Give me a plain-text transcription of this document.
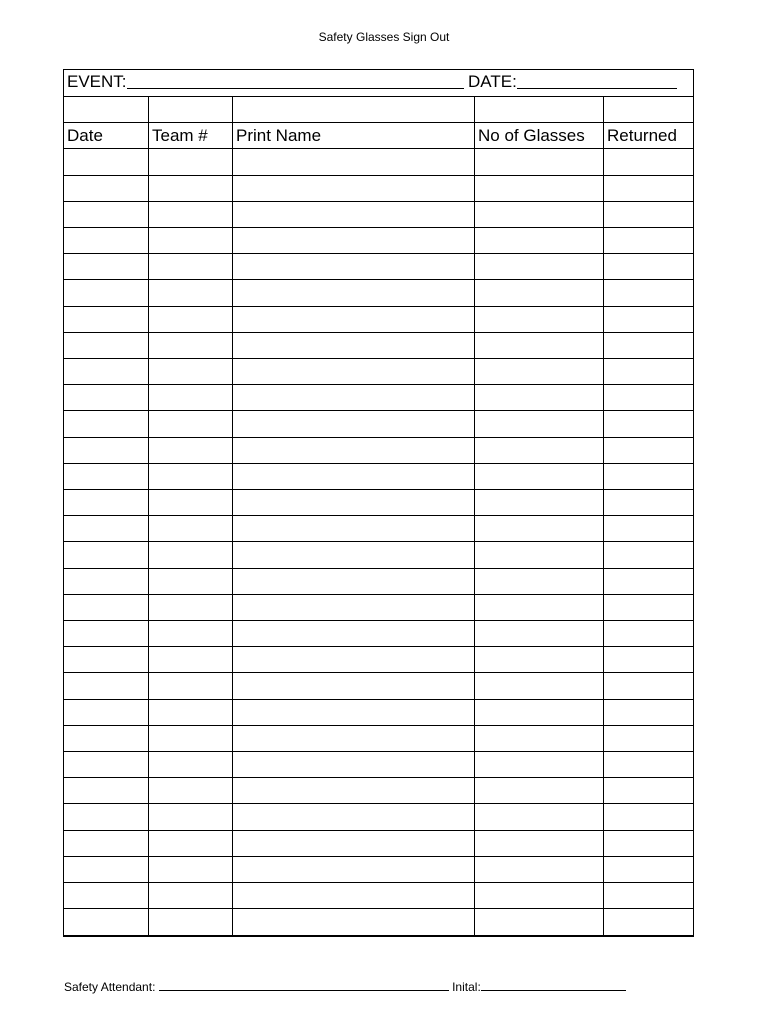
Safety Glasses Sign Out
EVENT:	DATE:
Date	Team #	Print Name	No of Glasses	Returned
Safety Attendant:	Inital:
